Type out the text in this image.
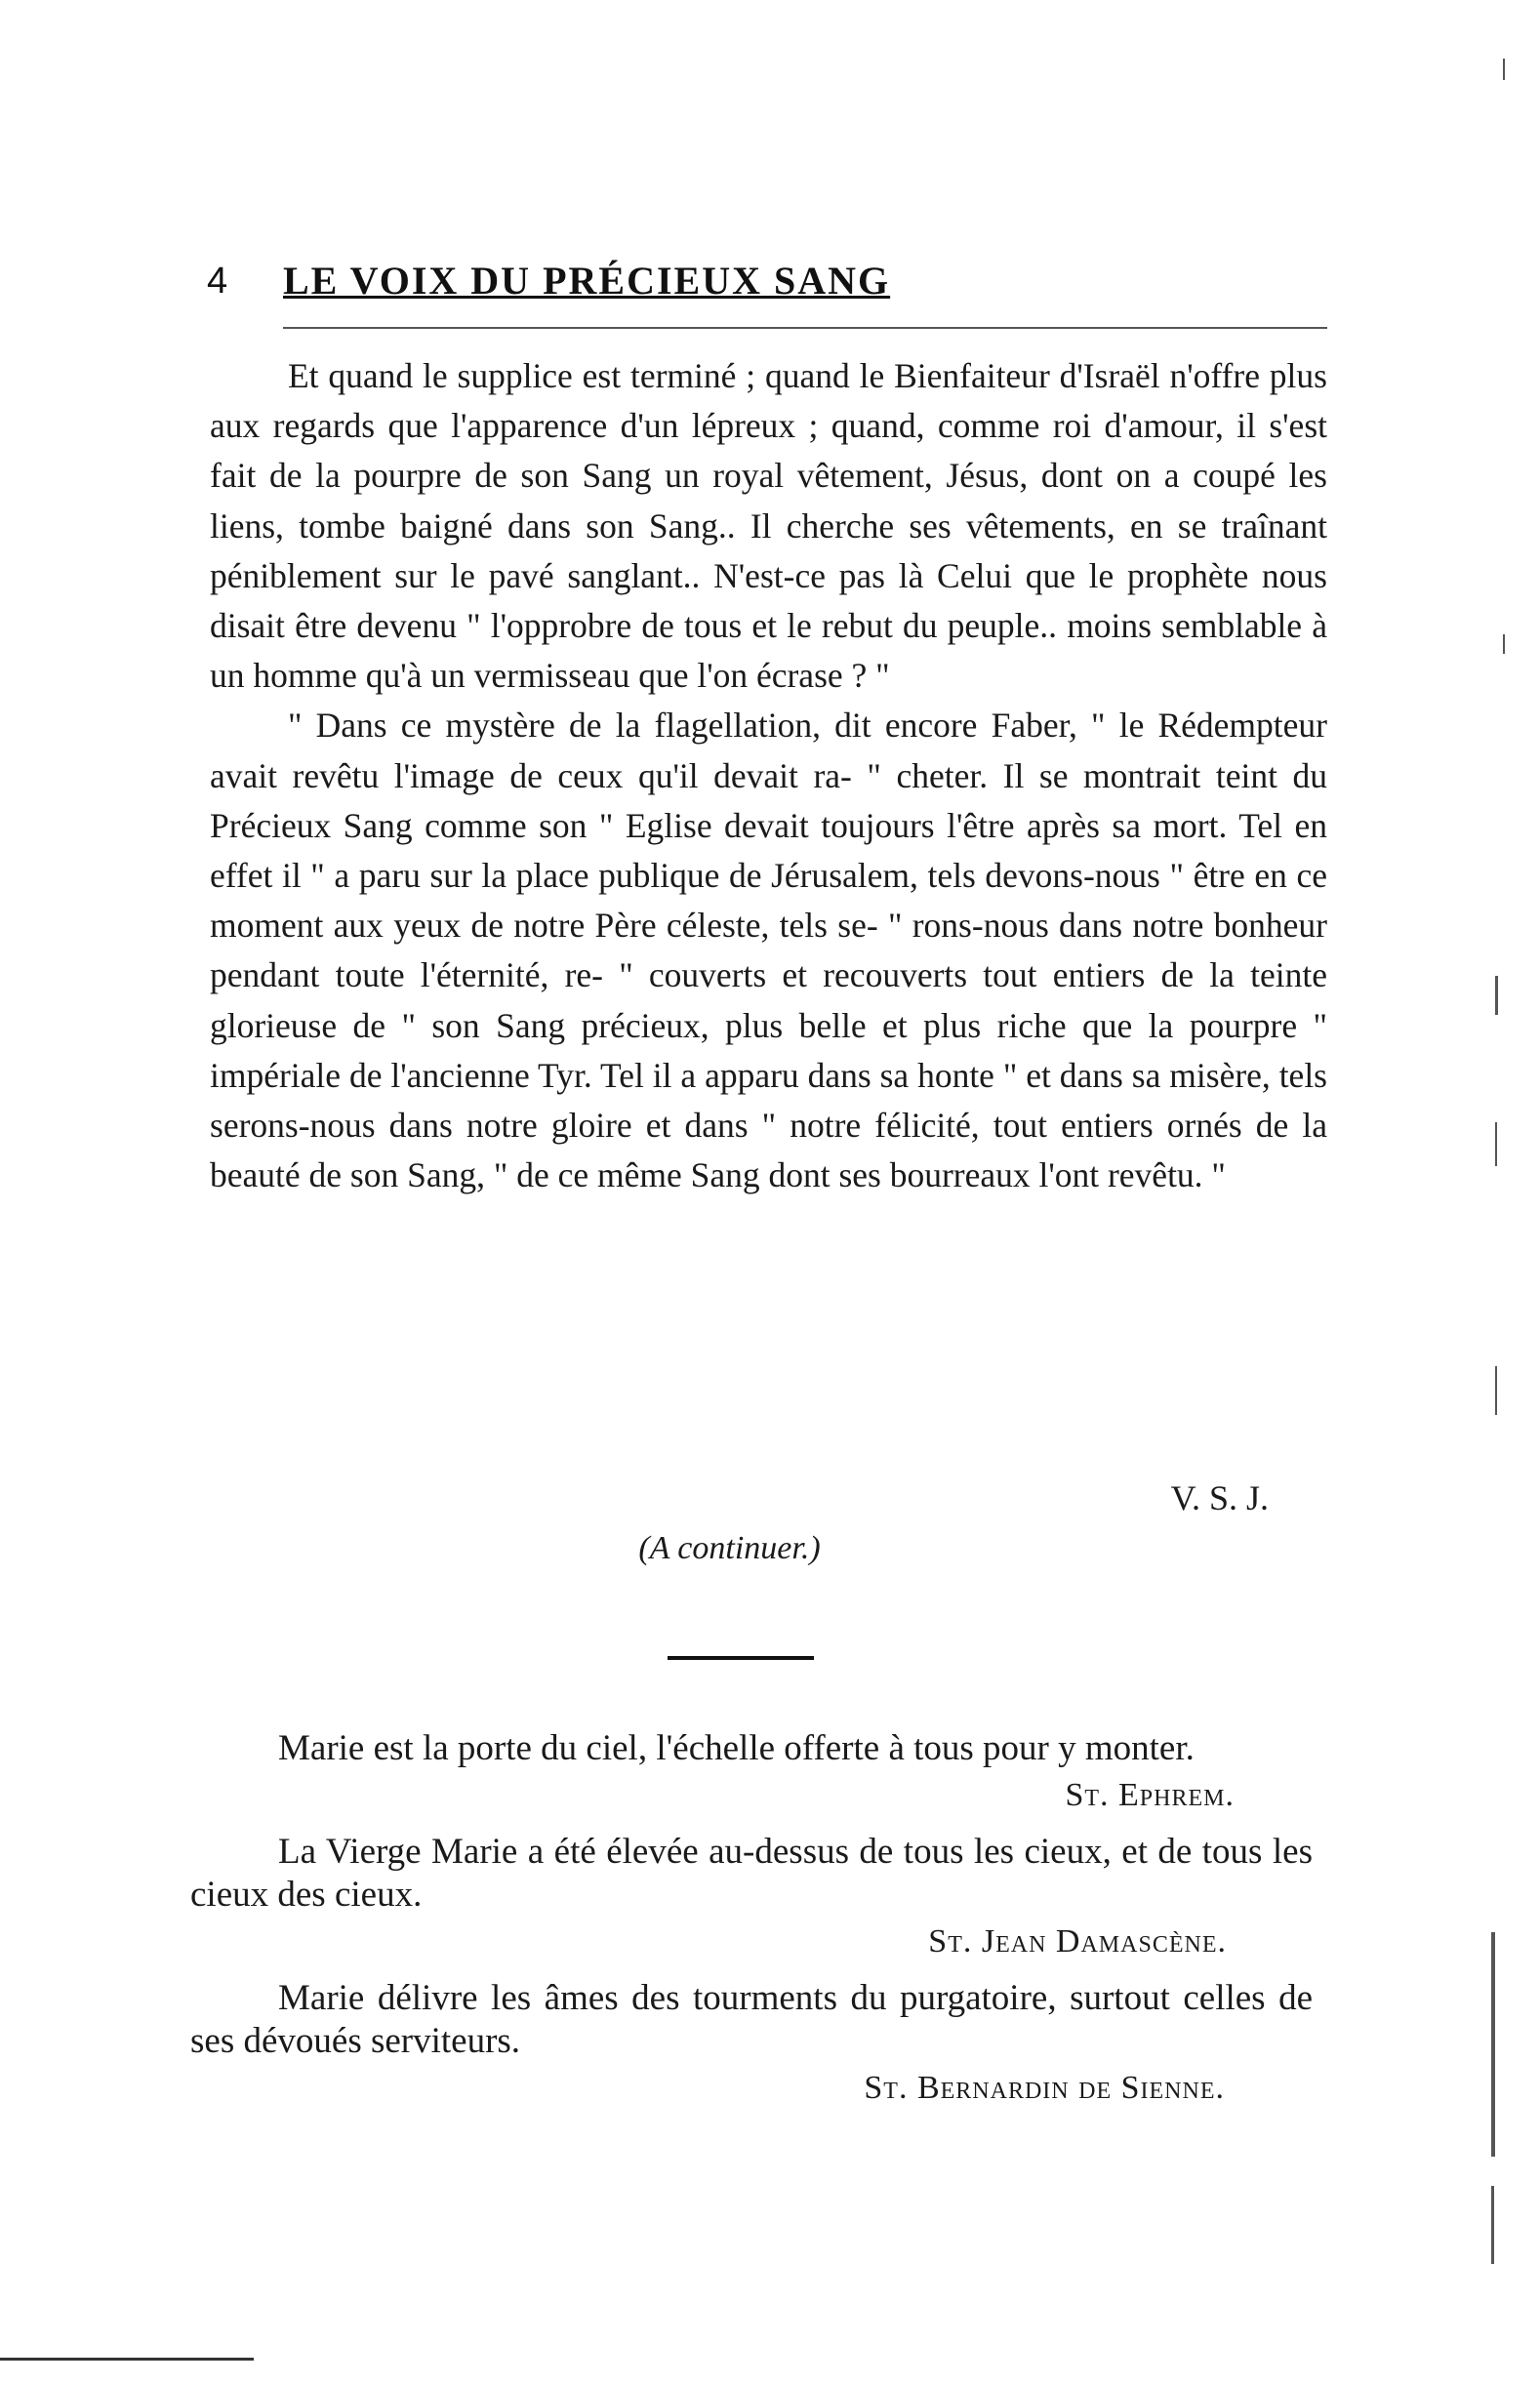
4 LE VOIX DU PRÉCIEUX SANG

Et quand le supplice est terminé ; quand le Bienfaiteur d'Israël n'offre plus aux regards que l'apparence d'un lépreux ; quand, comme roi d'amour, il s'est fait de la pourpre de son Sang un royal vêtement, Jésus, dont on a coupé les liens, tombe baigné dans son Sang.. Il cherche ses vêtements, en se traînant péniblement sur le pavé sanglant.. N'est-ce pas là Celui que le prophète nous disait être devenu " l'opprobre de tous et le rebut du peuple.. moins semblable à un homme qu'à un vermisseau que l'on écrase ? "

" Dans ce mystère de la flagellation, dit encore Faber, " le Rédempteur avait revêtu l'image de ceux qu'il devait ra- " cheter. Il se montrait teint du Précieux Sang comme son " Eglise devait toujours l'être après sa mort. Tel en effet il " a paru sur la place publique de Jérusalem, tels devons-nous " être en ce moment aux yeux de notre Père céleste, tels se- " rons-nous dans notre bonheur pendant toute l'éternité, re- " couverts et recouverts tout entiers de la teinte glorieuse de " son Sang précieux, plus belle et plus riche que la pourpre " impériale de l'ancienne Tyr. Tel il a apparu dans sa honte " et dans sa misère, tels serons-nous dans notre gloire et dans " notre félicité, tout entiers ornés de la beauté de son Sang, " de ce même Sang dont ses bourreaux l'ont revêtu. "

V. S. J.
(A continuer.)

Marie est la porte du ciel, l'échelle offerte à tous pour y monter.

St. Ephrem.

La Vierge Marie a été élevée au-dessus de tous les cieux, et de tous les cieux des cieux.

St. Jean Damascène.

Marie délivre les âmes des tourments du purgatoire, surtout celles de ses dévoués serviteurs.

St. Bernardin de Sienne.
